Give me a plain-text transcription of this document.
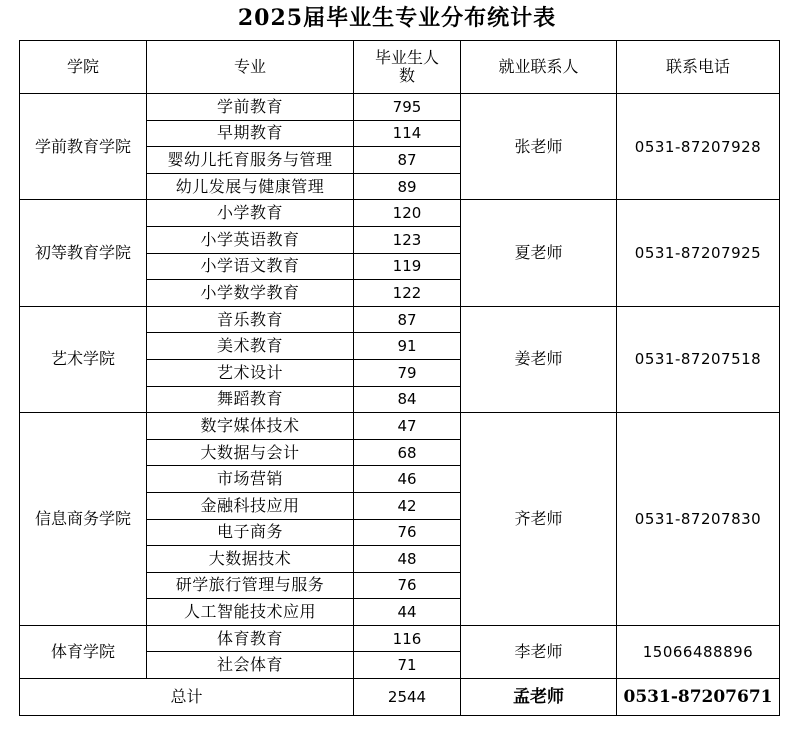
2025届毕业生专业分布统计表
学院	专业	毕业生人数	就业联系人	联系电话
学前教育学院	学前教育	795	张老师	0531-87207928
	早期教育	114		
	婴幼儿托育服务与管理	87		
	幼儿发展与健康管理	89		
初等教育学院	小学教育	120	夏老师	0531-87207925
	小学英语教育	123		
	小学语文教育	119		
	小学数学教育	122		
艺术学院	音乐教育	87	姜老师	0531-87207518
	美术教育	91		
	艺术设计	79		
	舞蹈教育	84		
信息商务学院	数字媒体技术	47	齐老师	0531-87207830
	大数据与会计	68		
	市场营销	46		
	金融科技应用	42		
	电子商务	76		
	大数据技术	48		
	研学旅行管理与服务	76		
	人工智能技术应用	44		
体育学院	体育教育	116	李老师	15066488896
	社会体育	71		
总计		2544	孟老师	0531-87207671
